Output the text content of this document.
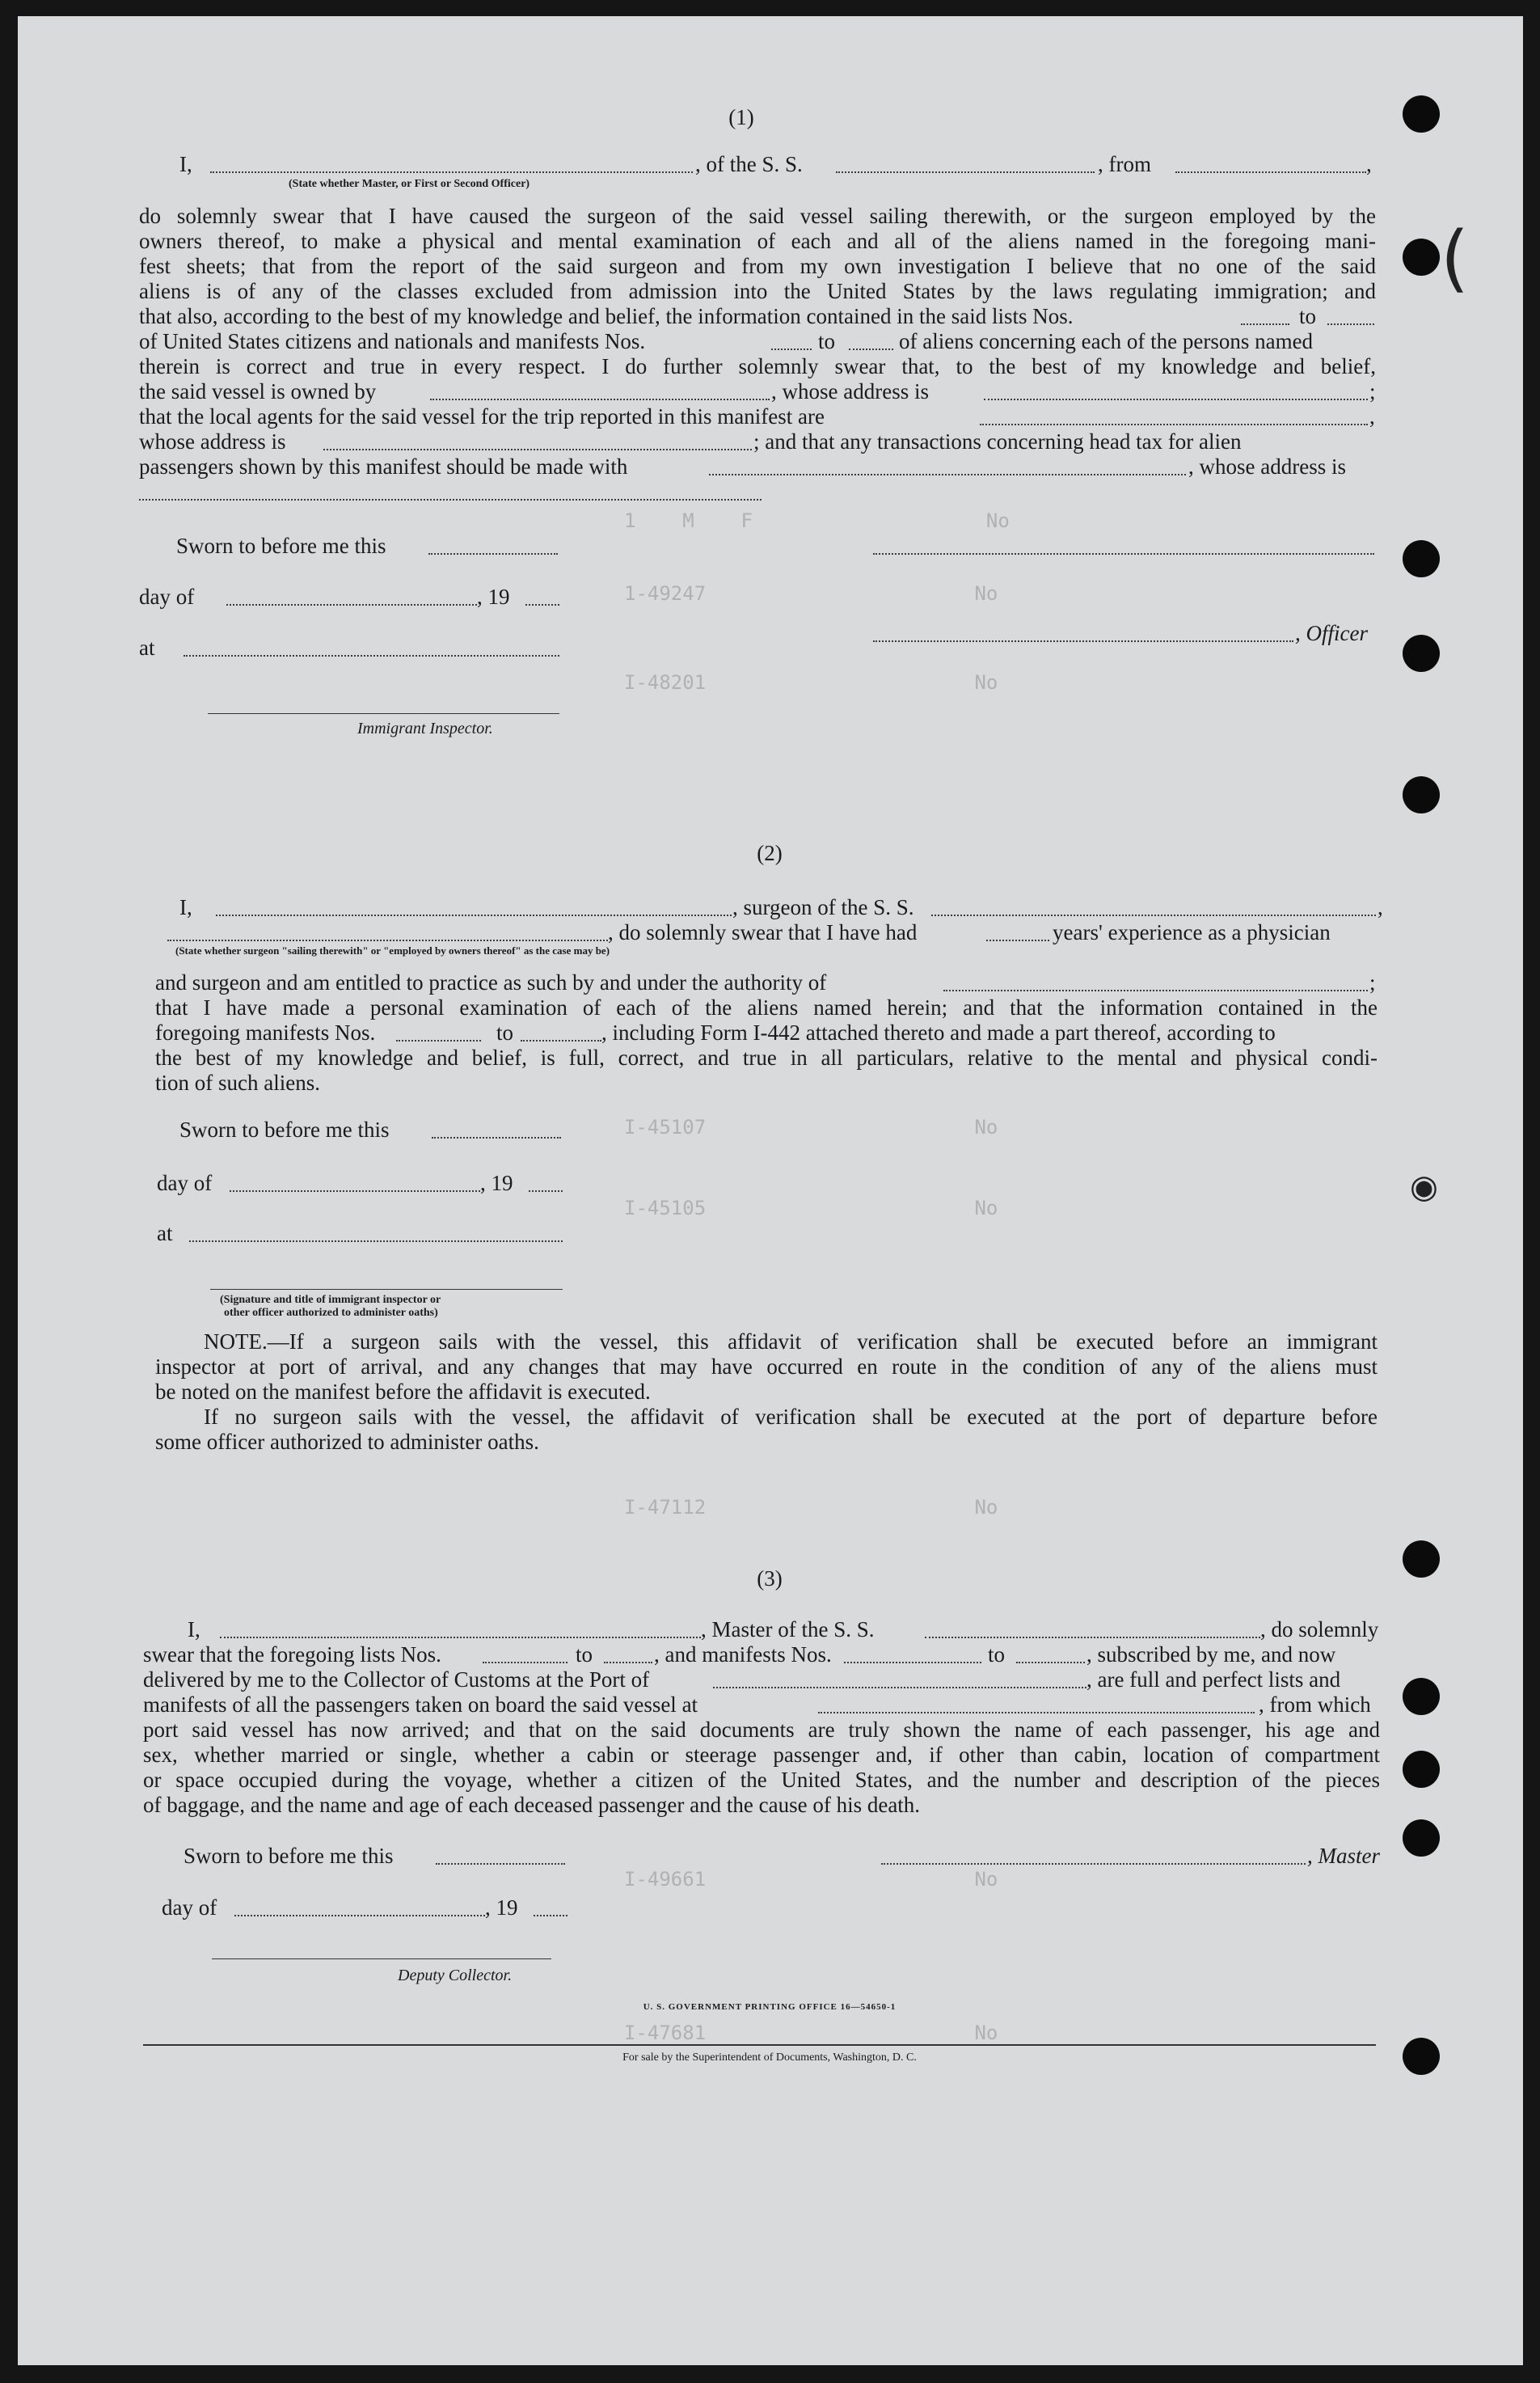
(
◉
1    M    F                    No
1-49247                       No
I-48201                       No
I-45107                       No
I-45105                       No
I-47112                       No
I-49661                       No
I-47681                       No
(1)
I,	, of the S. S.	, from	,
(State whether Master, or First or Second Officer)
do solemnly swear that I have caused the surgeon of the said vessel sailing therewith, or the surgeon employed by the
owners thereof, to make a physical and mental examination of each and all of the aliens named in the foregoing mani-
fest sheets; that from the report of the said surgeon and from my own investigation I believe that no one of the said
aliens is of any of the classes excluded from admission into the United States by the laws regulating immigration; and
that also, according to the best of my knowledge and belief, the information contained in the said lists Nos.	to
of United States citizens and nationals and manifests Nos.	to	of aliens concerning each of the persons named
therein is correct and true in every respect. I do further solemnly swear that, to the best of my knowledge and belief,
the said vessel is owned by	, whose address is	;
that the local agents for the said vessel for the trip reported in this manifest are	,
whose address is	; and that any transactions concerning head tax for alien
passengers shown by this manifest should be made with	, whose address is
Sworn to before me this
day of	, 19
, Officer
at
Immigrant Inspector.
(2)
I,	, surgeon of the S. S.	,
, do solemnly swear that I have had	years' experience as a physician
(State whether surgeon "sailing therewith" or "employed by owners thereof" as the case may be)
and surgeon and am entitled to practice as such by and under the authority of	;
that I have made a personal examination of each of the aliens named herein; and that the information contained in the
foregoing manifests Nos.	to	, including Form I-442 attached thereto and made a part thereof, according to
the best of my knowledge and belief, is full, correct, and true in all particulars, relative to the mental and physical condi-
tion of such aliens.
Sworn to before me this
day of	, 19
at
(Signature and title of immigrant inspector or
other officer authorized to administer oaths)
NOTE.—If a surgeon sails with the vessel, this affidavit of verification shall be executed before an immigrant
inspector at port of arrival, and any changes that may have occurred en route in the condition of any of the aliens must
be noted on the manifest before the affidavit is executed.
If no surgeon sails with the vessel, the affidavit of verification shall be executed at the port of departure before
some officer authorized to administer oaths.
(3)
I,	, Master of the S. S.	, do solemnly
swear that the foregoing lists Nos.	to	, and manifests Nos.	to	, subscribed by me, and now
delivered by me to the Collector of Customs at the Port of	, are full and perfect lists and
manifests of all the passengers taken on board the said vessel at	, from which
port said vessel has now arrived; and that on the said documents are truly shown the name of each passenger, his age and
sex, whether married or single, whether a cabin or steerage passenger and, if other than cabin, location of compartment
or space occupied during the voyage, whether a citizen of the United States, and the number and description of the pieces
of baggage, and the name and age of each deceased passenger and the cause of his death.
Sworn to before me this	, Master
day of	, 19
Deputy Collector.
U. S. GOVERNMENT PRINTING OFFICE 16—54650-1
For sale by the Superintendent of Documents, Washington, D. C.
